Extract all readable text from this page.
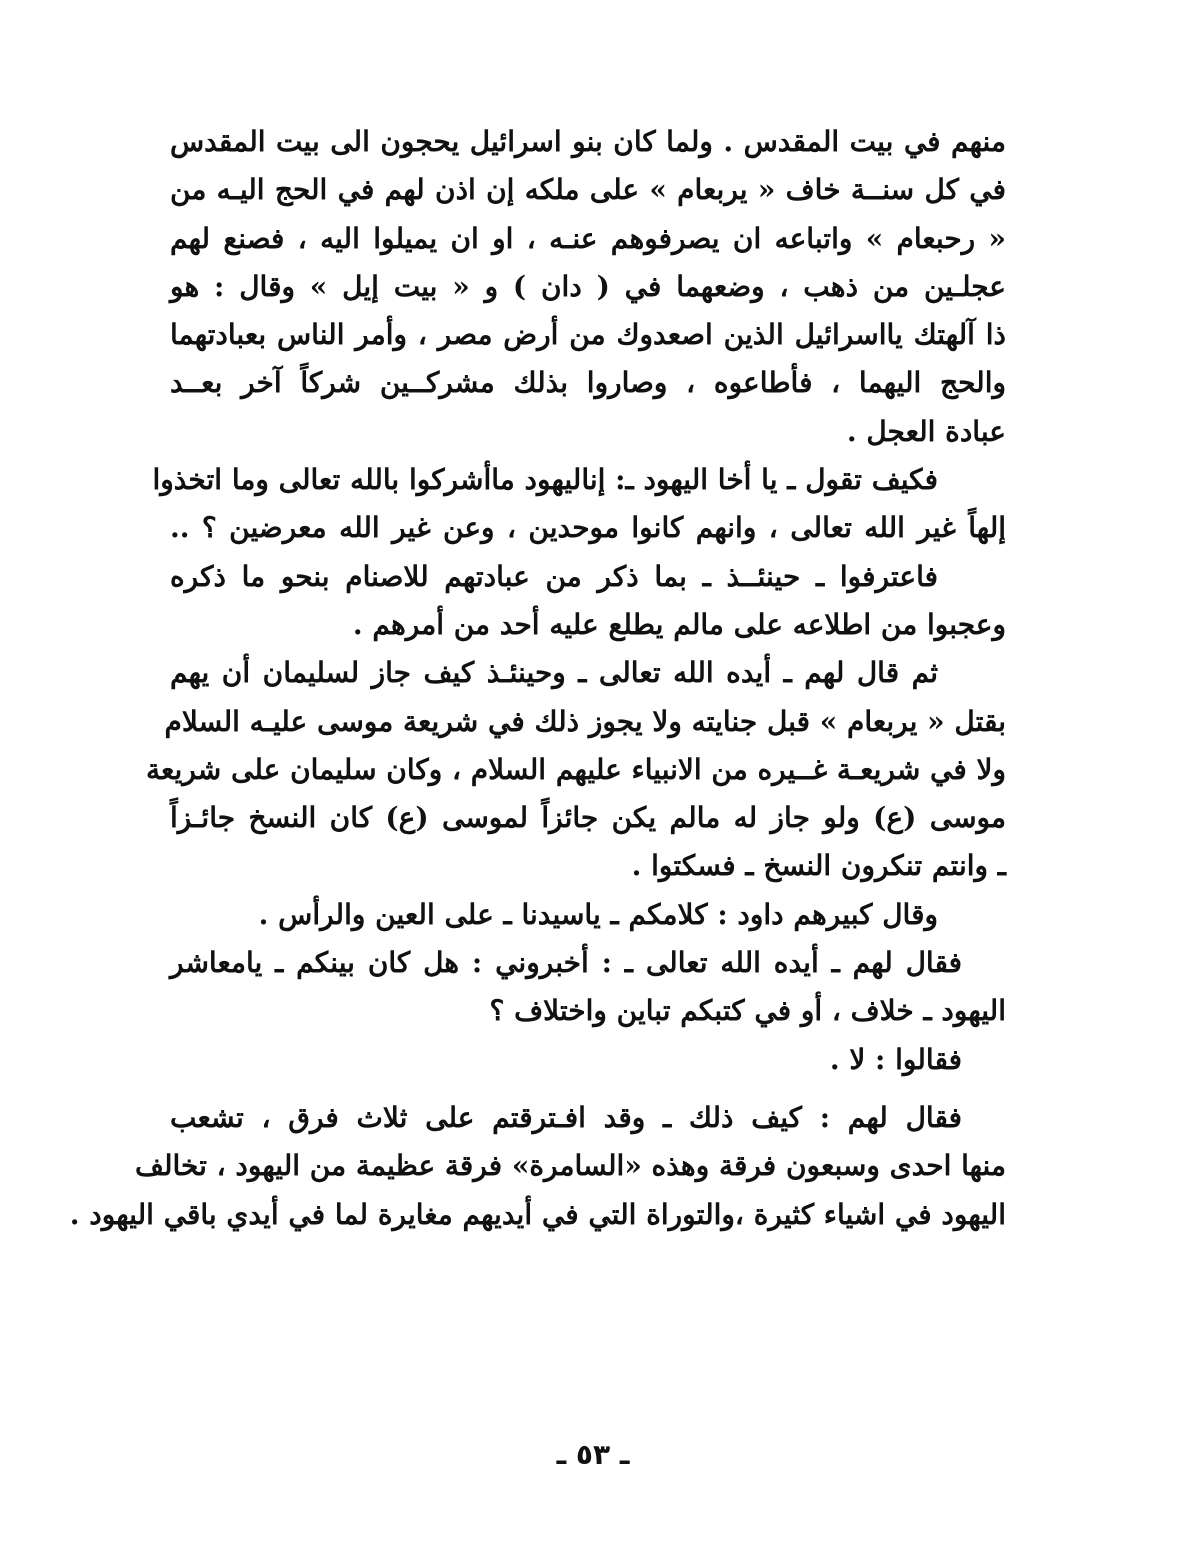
منهم في بيت المقدس . ولما كان بنو اسرائيل يحجون الى بيت المقدس
في كل سنــة خاف « يربعام » على ملكه إن اذن لهم في الحج اليـه من
« رحبعام » واتباعه ان يصرفوهم عنـه ، او ان يميلوا اليه ، فصنع لهم
عجلـين من ذهب ، وضعهما في ( دان ) و « بيت إيل » وقال : هو
ذا آلهتك يااسرائيل الذين اصعدوك من أرض مصر ، وأمر الناس بعبادتهما
والحج اليهما ، فأطاعوه ، وصاروا بذلك مشركــين شركاً آخر بعــد
عبادة العجل .
فكيف تقول ـ يا أخا اليهود ـ: إناليهود ماأشركوا بالله تعالى وما اتخذوا
إلهاً غير الله تعالى ، وانهم كانوا موحدين ، وعن غير الله معرضين ؟ ..
فاعترفوا ـ حينئــذ ـ بما ذكر من عبادتهم للاصنام بنحو ما ذكره
وعجبوا من اطلاعه على مالم يطلع عليه أحد من أمرهم .
ثم قال لهم ـ أيده الله تعالى ـ وحينئـذ كيف جاز لسليمان أن يهم
بقتل « يربعام » قبل جنايته ولا يجوز ذلك في شريعة موسى عليـه السلام
ولا في شريعـة غــيره من الانبياء عليهم السلام ، وكان سليمان على شريعة
موسى (ع) ولو جاز له مالم يكن جائزاً لموسى (ع) كان النسخ جائـزاً
ـ وانتم تنكرون النسخ ـ فسكتوا .
وقال كبيرهم داود : كلامكم ـ ياسيدنا ـ على العين والرأس .
فقال لهم ـ أيده الله تعالى ـ : أخبروني : هل كان بينكم ـ يامعاشر
اليهود ـ خلاف ، أو في كتبكم تباين واختلاف ؟
فقالوا : لا .
فقال لهم : كيف ذلك ـ وقد افـترقتم على ثلاث فرق ، تشعب
منها احدى وسبعون فرقة وهذه «السامرة» فرقة عظيمة من اليهود ، تخالف
اليهود في اشياء كثيرة ،والتوراة التي في أيديهم مغايرة لما في أيدي باقي اليهود .
ـ ٥٣ ـ
